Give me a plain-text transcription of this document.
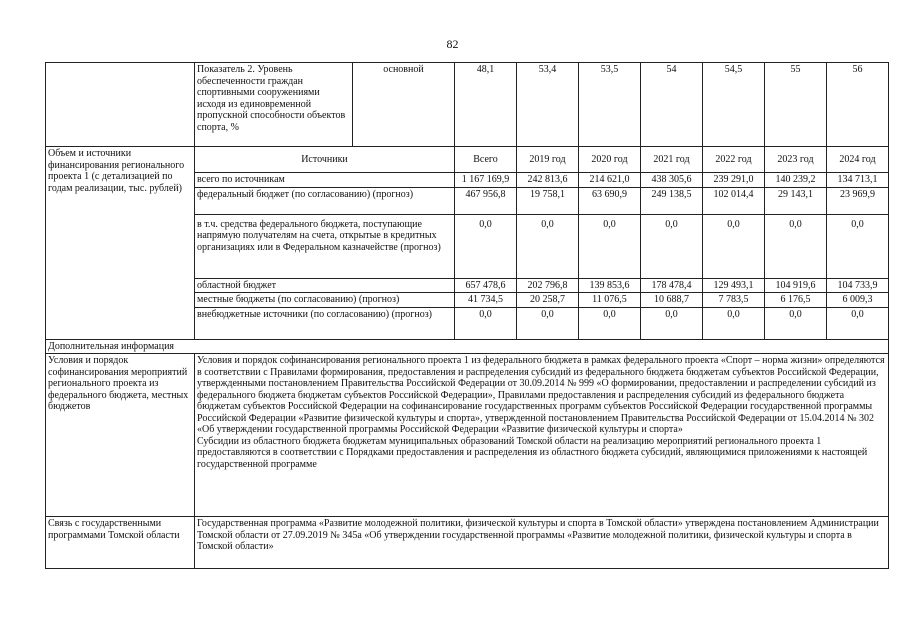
82
	Показатель 2. Уровень обеспеченности граждан спортивными сооружениями исходя из единовременной пропускной способности объектов спорта, %	основной	48,1	53,4	53,5	54	54,5	55	56
Объем и источники финансирования регионального проекта 1 (с детализацией по годам реализации, тыс. рублей)	Источники		Всего	2019 год	2020 год	2021 год	2022 год	2023 год	2024 год
	всего по источникам		1 167 169,9	242 813,6	214 621,0	438 305,6	239 291,0	140 239,2	134 713,1
	федеральный бюджет (по согласованию) (прогноз)		467 956,8	19 758,1	63 690,9	249 138,5	102 014,4	29 143,1	23 969,9
	в т.ч. средства федерального бюджета, поступающие напрямую получателям на счета, открытые в кредитных организациях или в Федеральном казначействе (прогноз)		0,0	0,0	0,0	0,0	0,0	0,0	0,0
	областной бюджет		657 478,6	202 796,8	139 853,6	178 478,4	129 493,1	104 919,6	104 733,9
	местные бюджеты (по согласованию) (прогноз)		41 734,5	20 258,7	11 076,5	10 688,7	7 783,5	6 176,5	6 009,3
	внебюджетные источники (по согласованию) (прогноз)		0,0	0,0	0,0	0,0	0,0	0,0	0,0
Дополнительная информация									
Условия и порядок софинансирования мероприятий регионального проекта из федерального бюджета, местных бюджетов	Условия и порядок софинансирования регионального проекта 1 из федерального бюджета в рамках федерального проекта «Спорт – норма жизни» определяются в соответствии с Правилами формирования, предоставления и распределения субсидий из федерального бюджета бюджетам субъектов Российской Федерации, утвержденными постановлением Правительства Российской Федерации от 30.09.2014 № 999 «О формировании, предоставлении и распределении субсидий из федерального бюджета бюджетам субъектов Российской Федерации», Правилами предоставления и распределения субсидий из федерального бюджета бюджетам субъектов Российской Федерации на софинансирование государственных программ субъектов Российской Федерации государственной программы Российской Федерации «Развитие физической культуры и спорта», утвержденной постановлением Правительства Российской Федерации от 15.04.2014 № 302 «Об утверждении государственной программы Российской Федерации «Развитие физической культуры и спорта»
Субсидии из областного бюджета бюджетам муниципальных образований Томской области на реализацию мероприятий регионального проекта 1 предоставляются в соответствии с Порядками предоставления и распределения из областного бюджета субсидий, являющимися приложениями к настоящей государственной программе								

Связь с государственными программами Томской области	Государственная программа «Развитие молодежной политики, физической культуры и спорта в Томской области» утверждена постановлением Администрации Томской области от 27.09.2019 № 345а «Об утверждении государственной программы «Развитие молодежной политики, физической культуры и спорта в Томской области»								
